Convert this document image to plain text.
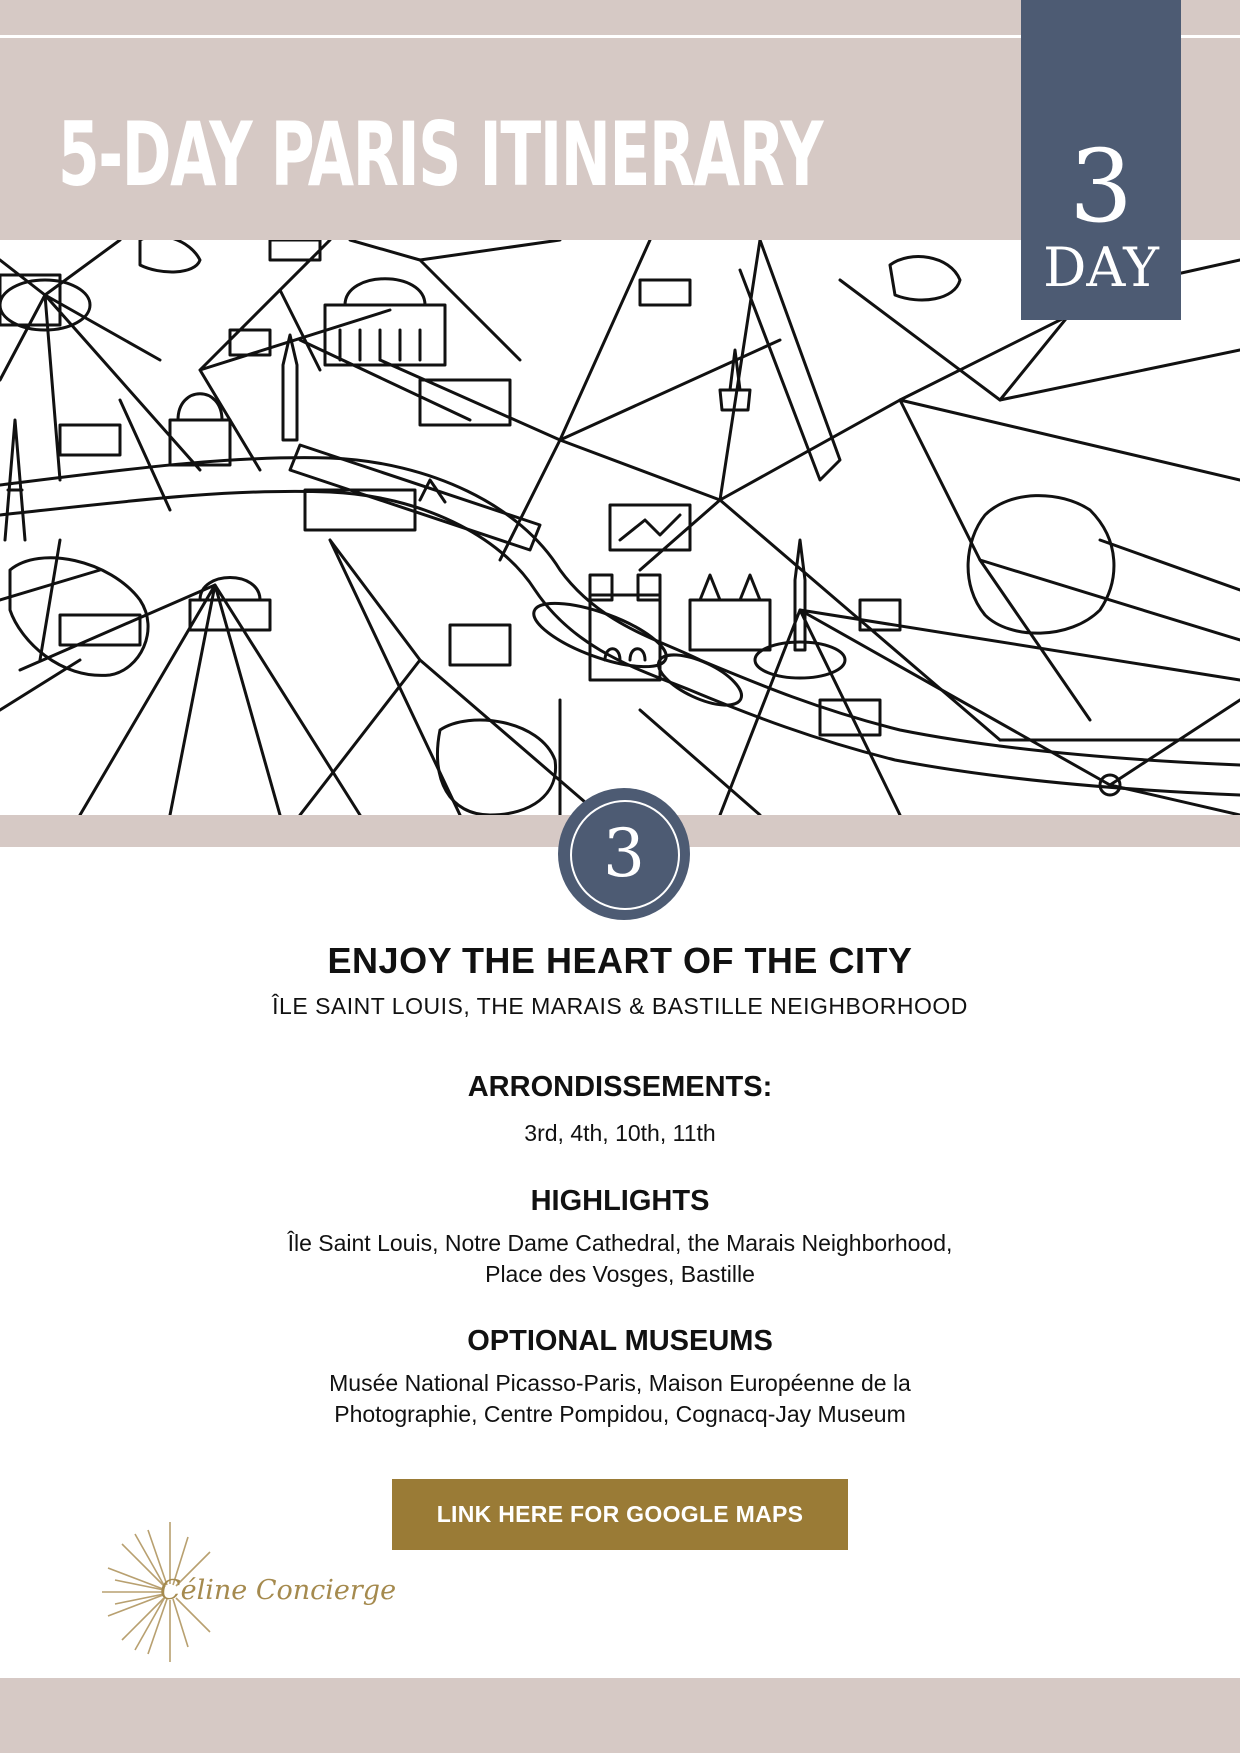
5-DAY PARIS ITINERARY	3
DAY
3
ENJOY THE HEART OF THE CITY
ÎLE SAINT LOUIS, THE MARAIS & BASTILLE NEIGHBORHOOD
ARRONDISSEMENTS:
3rd, 4th, 10th, 11th
HIGHLIGHTS
Île Saint Louis, Notre Dame Cathedral, the Marais Neighborhood,
Place des Vosges, Bastille
OPTIONAL MUSEUMS
Musée National Picasso-Paris, Maison Européenne de la
Photographie, Centre Pompidou, Cognacq-Jay Museum
LINK HERE FOR GOOGLE MAPS
Céline Concierge
